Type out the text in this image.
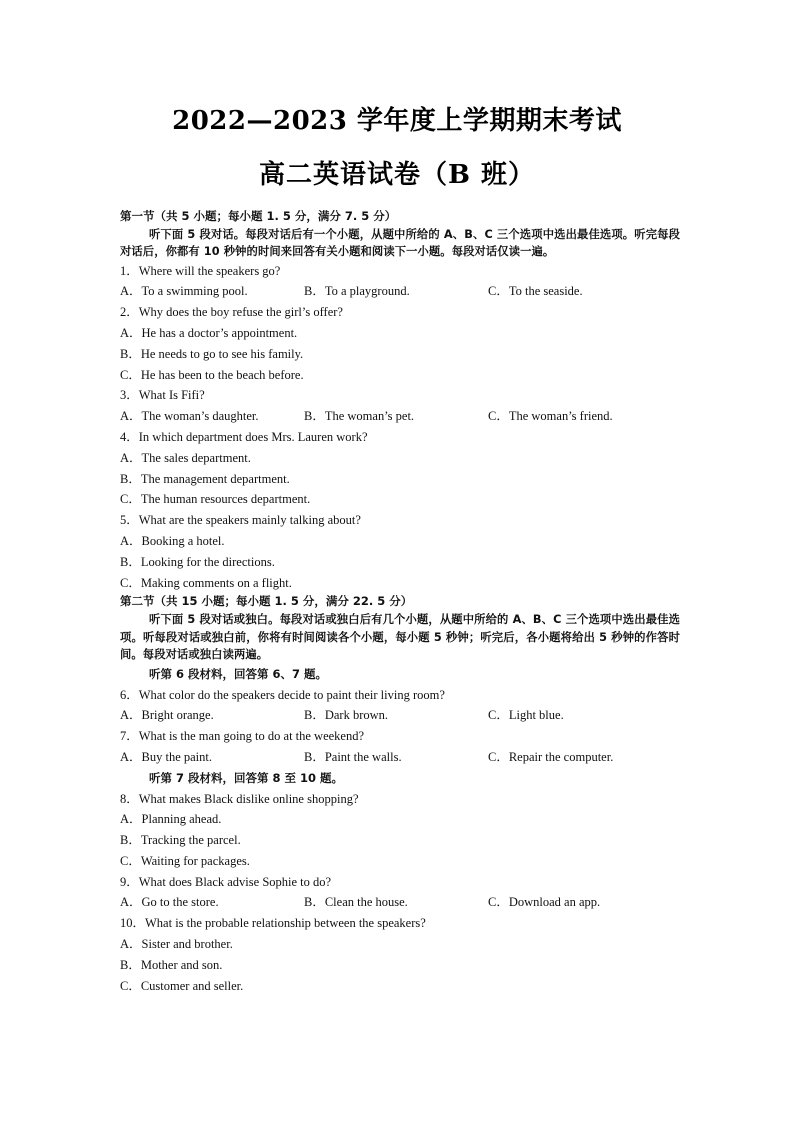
2022—2023 学年度上学期期末考试
高二英语试卷（B 班）
第一节（共 5 小题；每小题 1. 5 分，满分 7. 5 分）
听下面 5 段对话。每段对话后有一个小题，从题中所给的 A、B、C 三个选项中选出最佳选项。听完每段对话后，你都有 10 秒钟的时间来回答有关小题和阅读下一小题。每段对话仅读一遍。
1．Where will the speakers go?
A．To a swimming pool.	B．To a playground.	C．To the seaside.
2．Why does the boy refuse the girl’s offer?
A．He has a doctor’s appointment.
B．He needs to go to see his family.
C．He has been to the beach before.
3．What Is Fifi?
A．The woman’s daughter.	B．The woman’s pet.	C．The woman’s friend.
4．In which department does Mrs. Lauren work?
A．The sales department.
B．The management department.
C．The human resources department.
5．What are the speakers mainly talking about?
A．Booking a hotel.
B．Looking for the directions.
C．Making comments on a flight.
第二节（共 15 小题；每小题 1. 5 分，满分 22. 5 分）
听下面 5 段对话或独白。每段对话或独白后有几个小题，从题中所给的 A、B、C 三个选项中选出最佳选项。听每段对话或独白前，你将有时间阅读各个小题，每小题 5 秒钟；听完后，各小题将给出 5 秒钟的作答时间。每段对话或独白读两遍。
听第 6 段材料，回答第 6、7 题。
6．What color do the speakers decide to paint their living room?
A．Bright orange.	B．Dark brown.	C．Light blue.
7．What is the man going to do at the weekend?
A．Buy the paint.	B．Paint the walls.	C．Repair the computer.
听第 7 段材料，回答第 8 至 10 题。
8．What makes Black dislike online shopping?
A．Planning ahead.
B．Tracking the parcel.
C．Waiting for packages.
9．What does Black advise Sophie to do?
A．Go to the store.	B．Clean the house.	C．Download an app.
10．What is the probable relationship between the speakers?
A．Sister and brother.
B．Mother and son.
C．Customer and seller.
